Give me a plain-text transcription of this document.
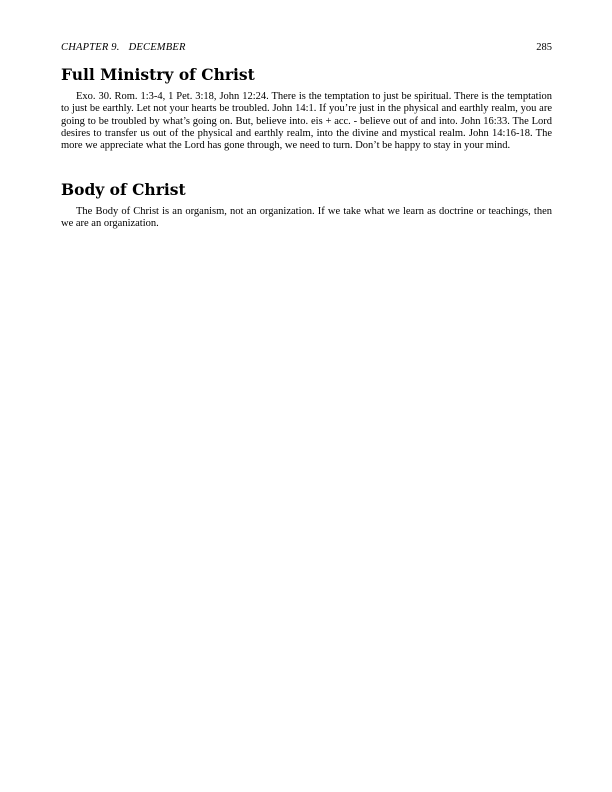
CHAPTER 9. DECEMBER	285
Full Ministry of Christ

Exo. 30. Rom. 1:3-4, 1 Pet. 3:18, John 12:24. There is the temptation to just be spiritual. There is the temptation to just be earthly. Let not your hearts be troubled. John 14:1. If you’re just in the physical and earthly realm, you are going to be troubled by what’s going on. But, believe into. eis + acc. - believe out of and into. John 16:33. The Lord desires to transfer us out of the physical and earthly realm, into the divine and mystical realm. John 14:16-18. The more we appreciate what the Lord has gone through, we need to turn. Don’t be happy to stay in your mind.

Body of Christ

The Body of Christ is an organism, not an organization. If we take what we learn as doctrine or teachings, then we are an organization.
